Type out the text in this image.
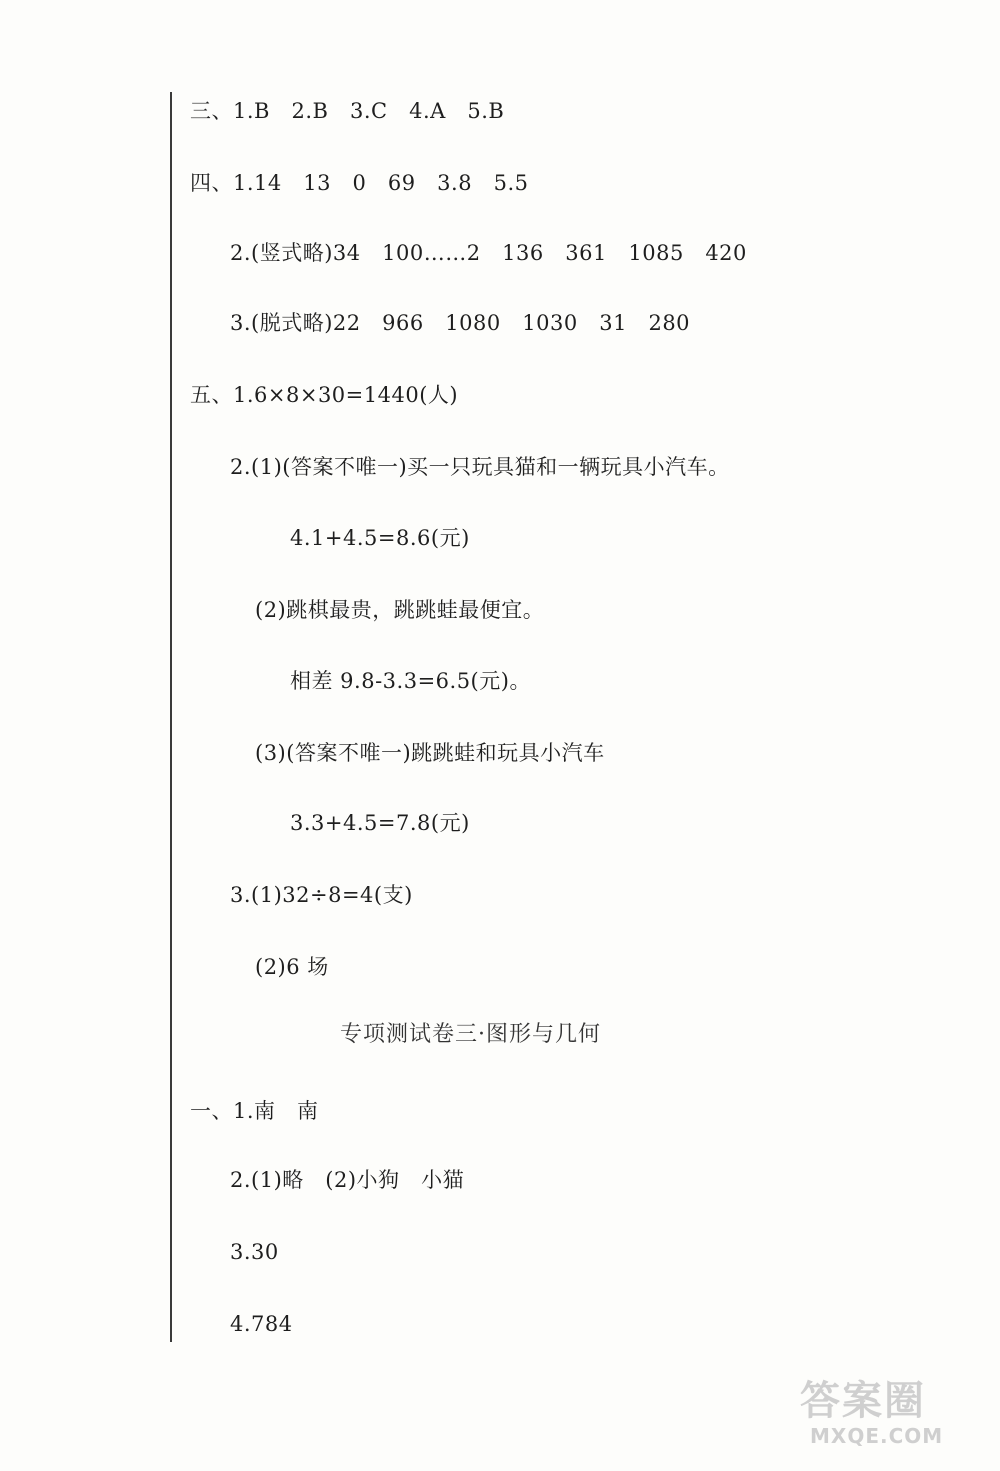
三、1.B   2.B   3.C   4.A   5.B
四、1.14   13   0   69   3.8   5.5
2.(竖式略)34   100……2   136   361   1085   420
3.(脱式略)22   966   1080   1030   31   280
五、1.6×8×30=1440(人)
2.(1)(答案不唯一)买一只玩具猫和一辆玩具小汽车。
4.1+4.5=8.6(元)
(2)跳棋最贵，跳跳蛙最便宜。
相差 9.8-3.3=6.5(元)。
(3)(答案不唯一)跳跳蛙和玩具小汽车
3.3+4.5=7.8(元)
3.(1)32÷8=4(支)
(2)6 场
专项测试卷三·图形与几何
一、1.南   南
2.(1)略   (2)小狗   小猫
3.30
4.784
答案圈
MXQE.COM
